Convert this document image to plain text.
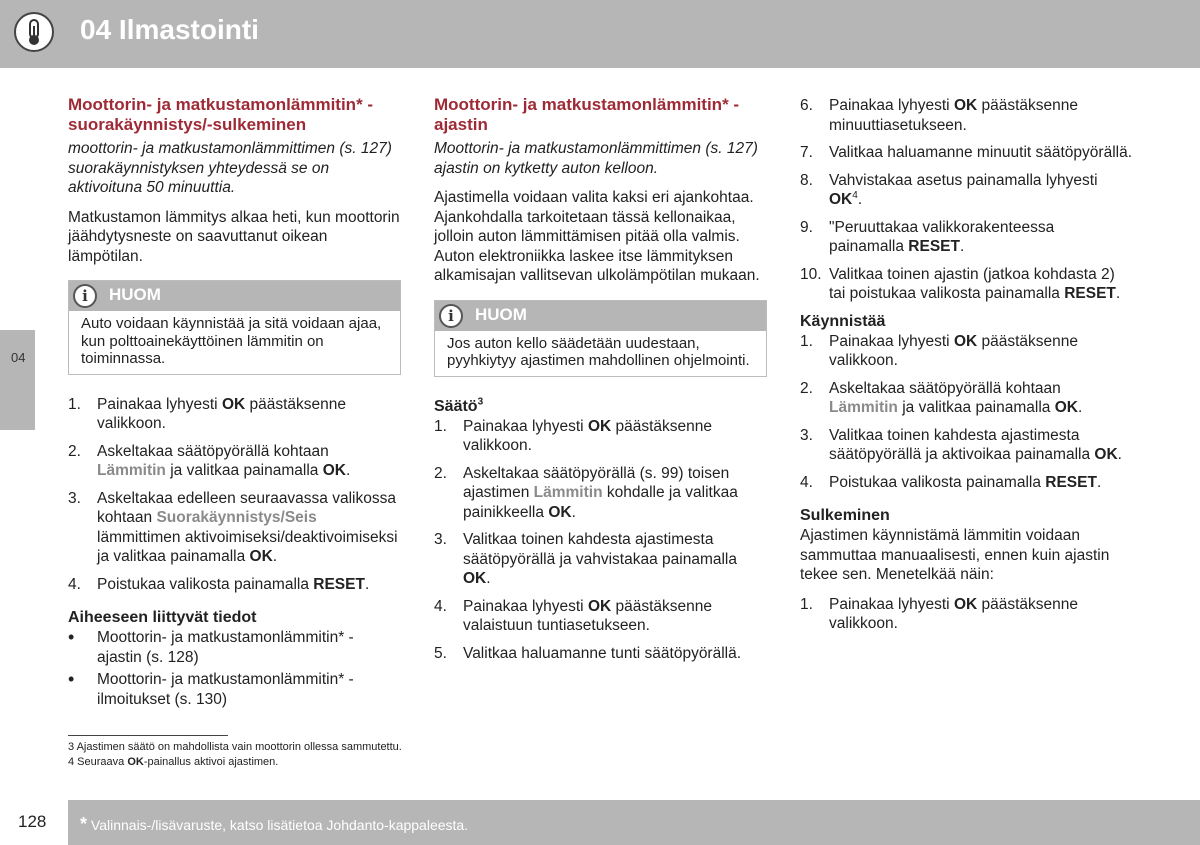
04 Ilmastointi
04
Moottorin- ja matkustamonlämmitin* - suorakäynnistys/-sulkeminen

moottorin- ja matkustamonlämmittimen (s. 127) suorakäynnistyksen yhteydessä se on aktivoituna 50 minuuttia.

Matkustamon lämmitys alkaa heti, kun moottorin jäähdytysneste on saavuttanut oikean lämpötilan.

i	HUOM
Auto voidaan käynnistää ja sitä voidaan ajaa, kun polttoainekäyttöinen lämmitin on toiminnassa.
1. Painakaa lyhyesti OK päästäksenne valikkoon.
2. Askeltakaa säätöpyörällä kohtaan Lämmitin ja valitkaa painamalla OK.
3. Askeltakaa edelleen seuraavassa valikossa kohtaan Suorakäynnistys/Seis lämmittimen aktivoimiseksi/deaktivoimiseksi ja valitkaa painamalla OK.
4. Poistukaa valikosta painamalla RESET.
Aiheeseen liittyvät tiedot
• Moottorin- ja matkustamonlämmitin* - ajastin (s. 128)
• Moottorin- ja matkustamonlämmitin* - ilmoitukset (s. 130)
Moottorin- ja matkustamonlämmitin* - ajastin

Moottorin- ja matkustamonlämmittimen (s. 127) ajastin on kytketty auton kelloon.

Ajastimella voidaan valita kaksi eri ajankohtaa. Ajankohdalla tarkoitetaan tässä kellonaikaa, jolloin auton lämmittämisen pitää olla valmis. Auton elektroniikka laskee itse lämmityksen alkamisajan vallitsevan ulkolämpötilan mukaan.

i	HUOM
Jos auton kello säädetään uudestaan, pyyhkiytyy ajastimen mahdollinen ohjelmointi.
Säätö$^3$
1. Painakaa lyhyesti OK päästäksenne valikkoon.
2. Askeltakaa säätöpyörällä (s. 99) toisen ajastimen Lämmitin kohdalle ja valitkaa painikkeella OK.
3. Valitkaa toinen kahdesta ajastimesta säätöpyörällä ja vahvistakaa painamalla OK.
4. Painakaa lyhyesti OK päästäksenne valaistuun tuntiasetukseen.
5. Valitkaa haluamanne tunti säätöpyörällä.
6. Painakaa lyhyesti OK päästäksenne minuuttiasetukseen.
7. Valitkaa haluamanne minuutit säätöpyörällä.
8. Vahvistakaa asetus painamalla lyhyesti $OK^4$.
9. "Peruuttakaa valikkorakenteessa painamalla RESET.
10. Valitkaa toinen ajastin (jatkoa kohdasta 2) tai poistukaa valikosta painamalla RESET.
Käynnistää
1. Painakaa lyhyesti OK päästäksenne valikkoon.
2. Askeltakaa säätöpyörällä kohtaan Lämmitin ja valitkaa painamalla OK.
3. Valitkaa toinen kahdesta ajastimesta säätöpyörällä ja aktivoikaa painamalla OK.
4. Poistukaa valikosta painamalla RESET.
Sulkeminen

Ajastimen käynnistämä lämmitin voidaan sammuttaa manuaalisesti, ennen kuin ajastin tekee sen. Menetelkää näin:

1. Painakaa lyhyesti OK päästäksenne valikkoon.
3 Ajastimen säätö on mahdollista vain moottorin ollessa sammutettu.
4 Seuraava OK-painallus aktivoi ajastimen.
128 * Valinnais-/lisävaruste, katso lisätietoa Johdanto-kappaleesta.
